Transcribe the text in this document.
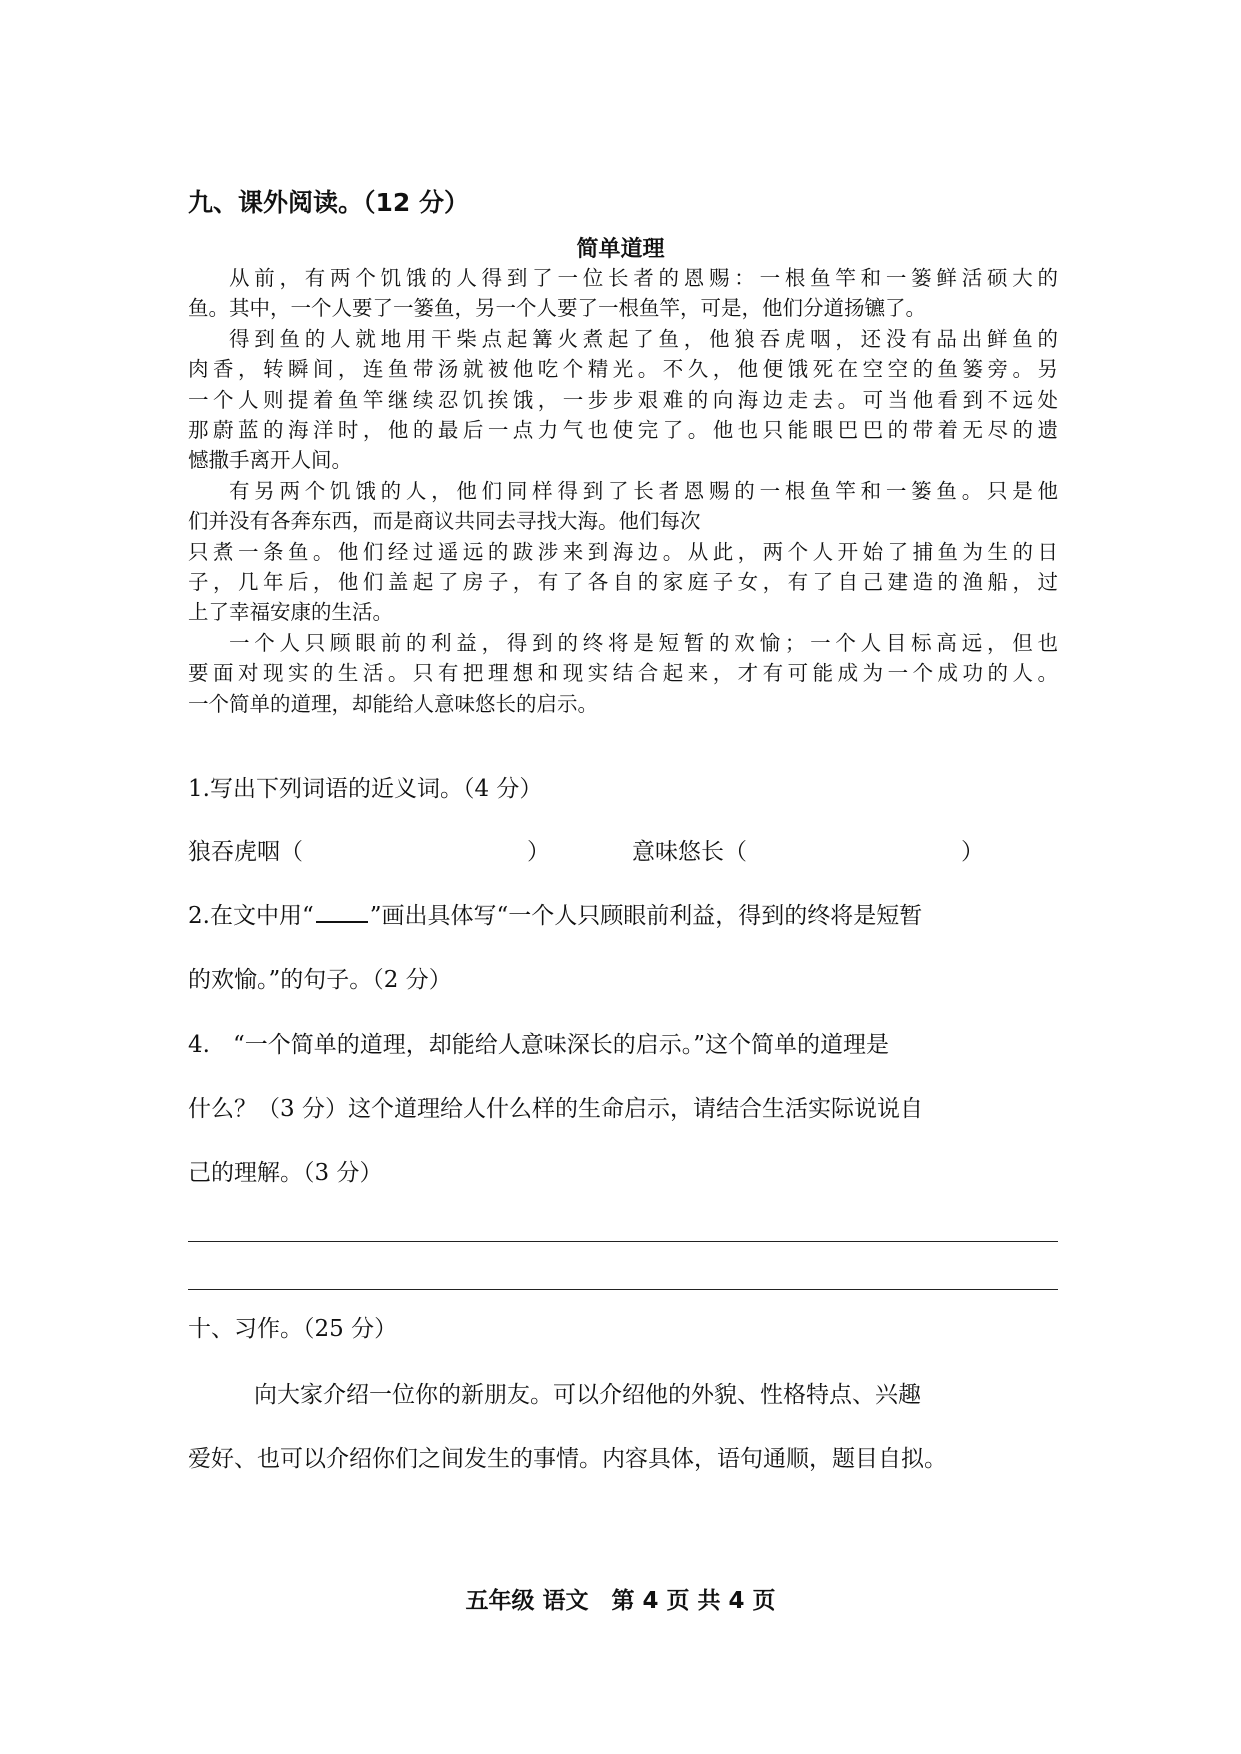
九、课外阅读。（12 分）
简单道理

从前，有两个饥饿的人得到了一位长者的恩赐：一根鱼竿和一篓鲜活硕大的

鱼。其中，一个人要了一篓鱼，另一个人要了一根鱼竿，可是，他们分道扬镳了。

得到鱼的人就地用干柴点起篝火煮起了鱼，他狼吞虎咽，还没有品出鲜鱼的

肉香，转瞬间，连鱼带汤就被他吃个精光。不久，他便饿死在空空的鱼篓旁。另

一个人则提着鱼竿继续忍饥挨饿，一步步艰难的向海边走去。可当他看到不远处

那蔚蓝的海洋时，他的最后一点力气也使完了。他也只能眼巴巴的带着无尽的遗

憾撒手离开人间。

有另两个饥饿的人，他们同样得到了长者恩赐的一根鱼竿和一篓鱼。只是他

们并没有各奔东西，而是商议共同去寻找大海。他们每次

只煮一条鱼。他们经过遥远的跋涉来到海边。从此，两个人开始了捕鱼为生的日

子，几年后，他们盖起了房子，有了各自的家庭子女，有了自己建造的渔船，过

上了幸福安康的生活。

一个人只顾眼前的利益，得到的终将是短暂的欢愉；一个人目标高远，但也

要面对现实的生活。只有把理想和现实结合起来，才有可能成为一个成功的人。

一个简单的道理，却能给人意味悠长的启示。

1.写出下列词语的近义词。（4 分）
狼吞虎咽（	）	意味悠长（	）
2.在文中用“ ”画出具体写“一个人只顾眼前利益，得到的终将是短暂
的欢愉。”的句子。（2 分）
4.　“一个简单的道理，却能给人意味深长的启示。”这个简单的道理是
什么？（3 分）这个道理给人什么样的生命启示，请结合生活实际说说自
己的理解。（3 分）
十、习作。（25 分）
向大家介绍一位你的新朋友。可以介绍他的外貌、性格特点、兴趣
爱好、也可以介绍你们之间发生的事情。内容具体，语句通顺，题目自拟。
五年级 语文　第 4 页 共 4 页
